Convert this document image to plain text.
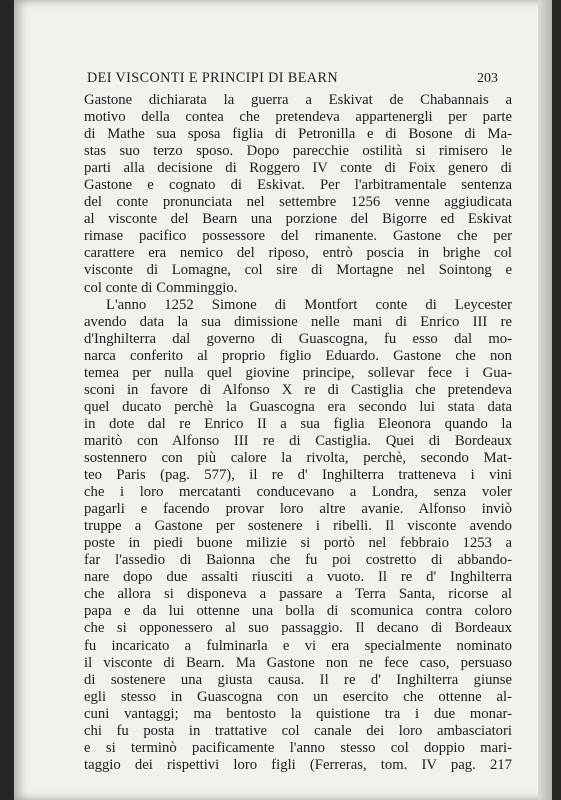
DEI VISCONTI E PRINCIPI DI BEARN	203
Gastone dichiarata la guerra a Eskivat de Chabannais a
motivo della contea che pretendeva appartenergli per parte
di Mathe sua sposa figlia di Petronilla e di Bosone di Ma-
stas suo terzo sposo. Dopo parecchie ostilità si rimisero le
parti alla decisione di Roggero IV conte di Foix genero di
Gastone e cognato di Eskivat. Per l'arbitramentale sentenza
del conte pronunciata nel settembre 1256 venne aggiudicata
al visconte del Bearn una porzione del Bigorre ed Eskivat
rimase pacifico possessore del rimanente. Gastone che per
carattere era nemico del riposo, entrò poscia in brighe col
visconte di Lomagne, col sire di Mortagne nel Sointong e
col conte di Comminggio.
L'anno 1252 Simone di Montfort conte di Leycester
avendo data la sua dimissione nelle mani di Enrico III re
d'Inghilterra dal governo di Guascogna, fu esso dal mo-
narca conferito al proprio figlio Eduardo. Gastone che non
temea per nulla quel giovine principe, sollevar fece i Gua-
sconi in favore di Alfonso X re di Castiglia che pretendeva
quel ducato perchè la Guascogna era secondo lui stata data
in dote dal re Enrico II a sua figlia Eleonora quando la
maritò con Alfonso III re di Castiglia. Quei di Bordeaux
sostennero con più calore la rivolta, perchè, secondo Mat-
teo Paris (pag. 577), il re d' Inghilterra tratteneva i vini
che i loro mercatanti conducevano a Londra, senza voler
pagarli e facendo provar loro altre avanie. Alfonso inviò
truppe a Gastone per sostenere i ribelli. Il visconte avendo
poste in piedi buone milizie si portò nel febbraio 1253 a
far l'assedio di Baionna che fu poi costretto di abbando-
nare dopo due assalti riusciti a vuoto. Il re d' Inghilterra
che allora si disponeva a passare a Terra Santa, ricorse al
papa e da lui ottenne una bolla di scomunica contra coloro
che si opponessero al suo passaggio. Il decano di Bordeaux
fu incaricato a fulminarla e vi era specialmente nominato
il visconte di Bearn. Ma Gastone non ne fece caso, persuaso
di sostenere una giusta causa. Il re d' Inghilterra giunse
egli stesso in Guascogna con un esercito che ottenne al-
cuni vantaggi; ma bentosto la quistione tra i due monar-
chi fu posta in trattative col canale dei loro ambasciatori
e si terminò pacificamente l'anno stesso col doppio mari-
taggio dei rispettivi loro figli (Ferreras, tom. IV pag. 217
